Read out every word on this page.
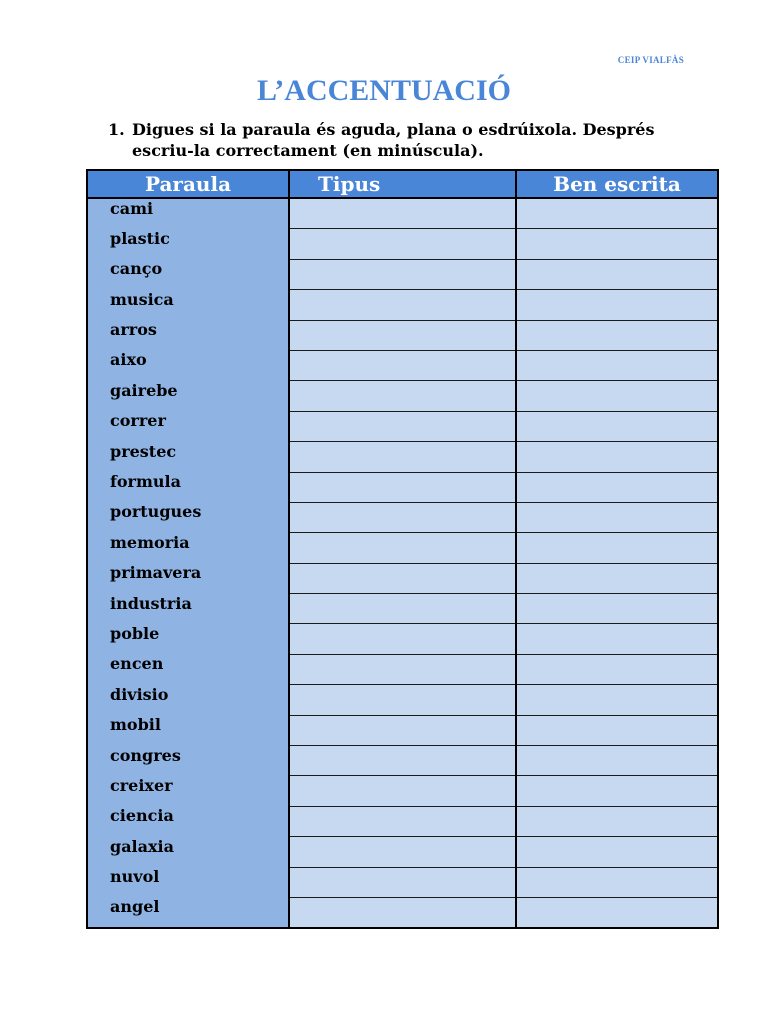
CEIP VIALFÀS
L’ACCENTUACIÓ
1. Digues si la paraula és aguda, plana o esdrúixola. Després
escriu-la correctament (en minúscula).
Paraula	Tipus	Ben escrita
cami		
plastic		
canço		
musica		
arros		
aixo		
gairebe		
correr		
prestec		
formula		
portugues		
memoria		
primavera		
industria		
poble		
encen		
divisio		
mobil		
congres		
creixer		
ciencia		
galaxia		
nuvol		
angel		
